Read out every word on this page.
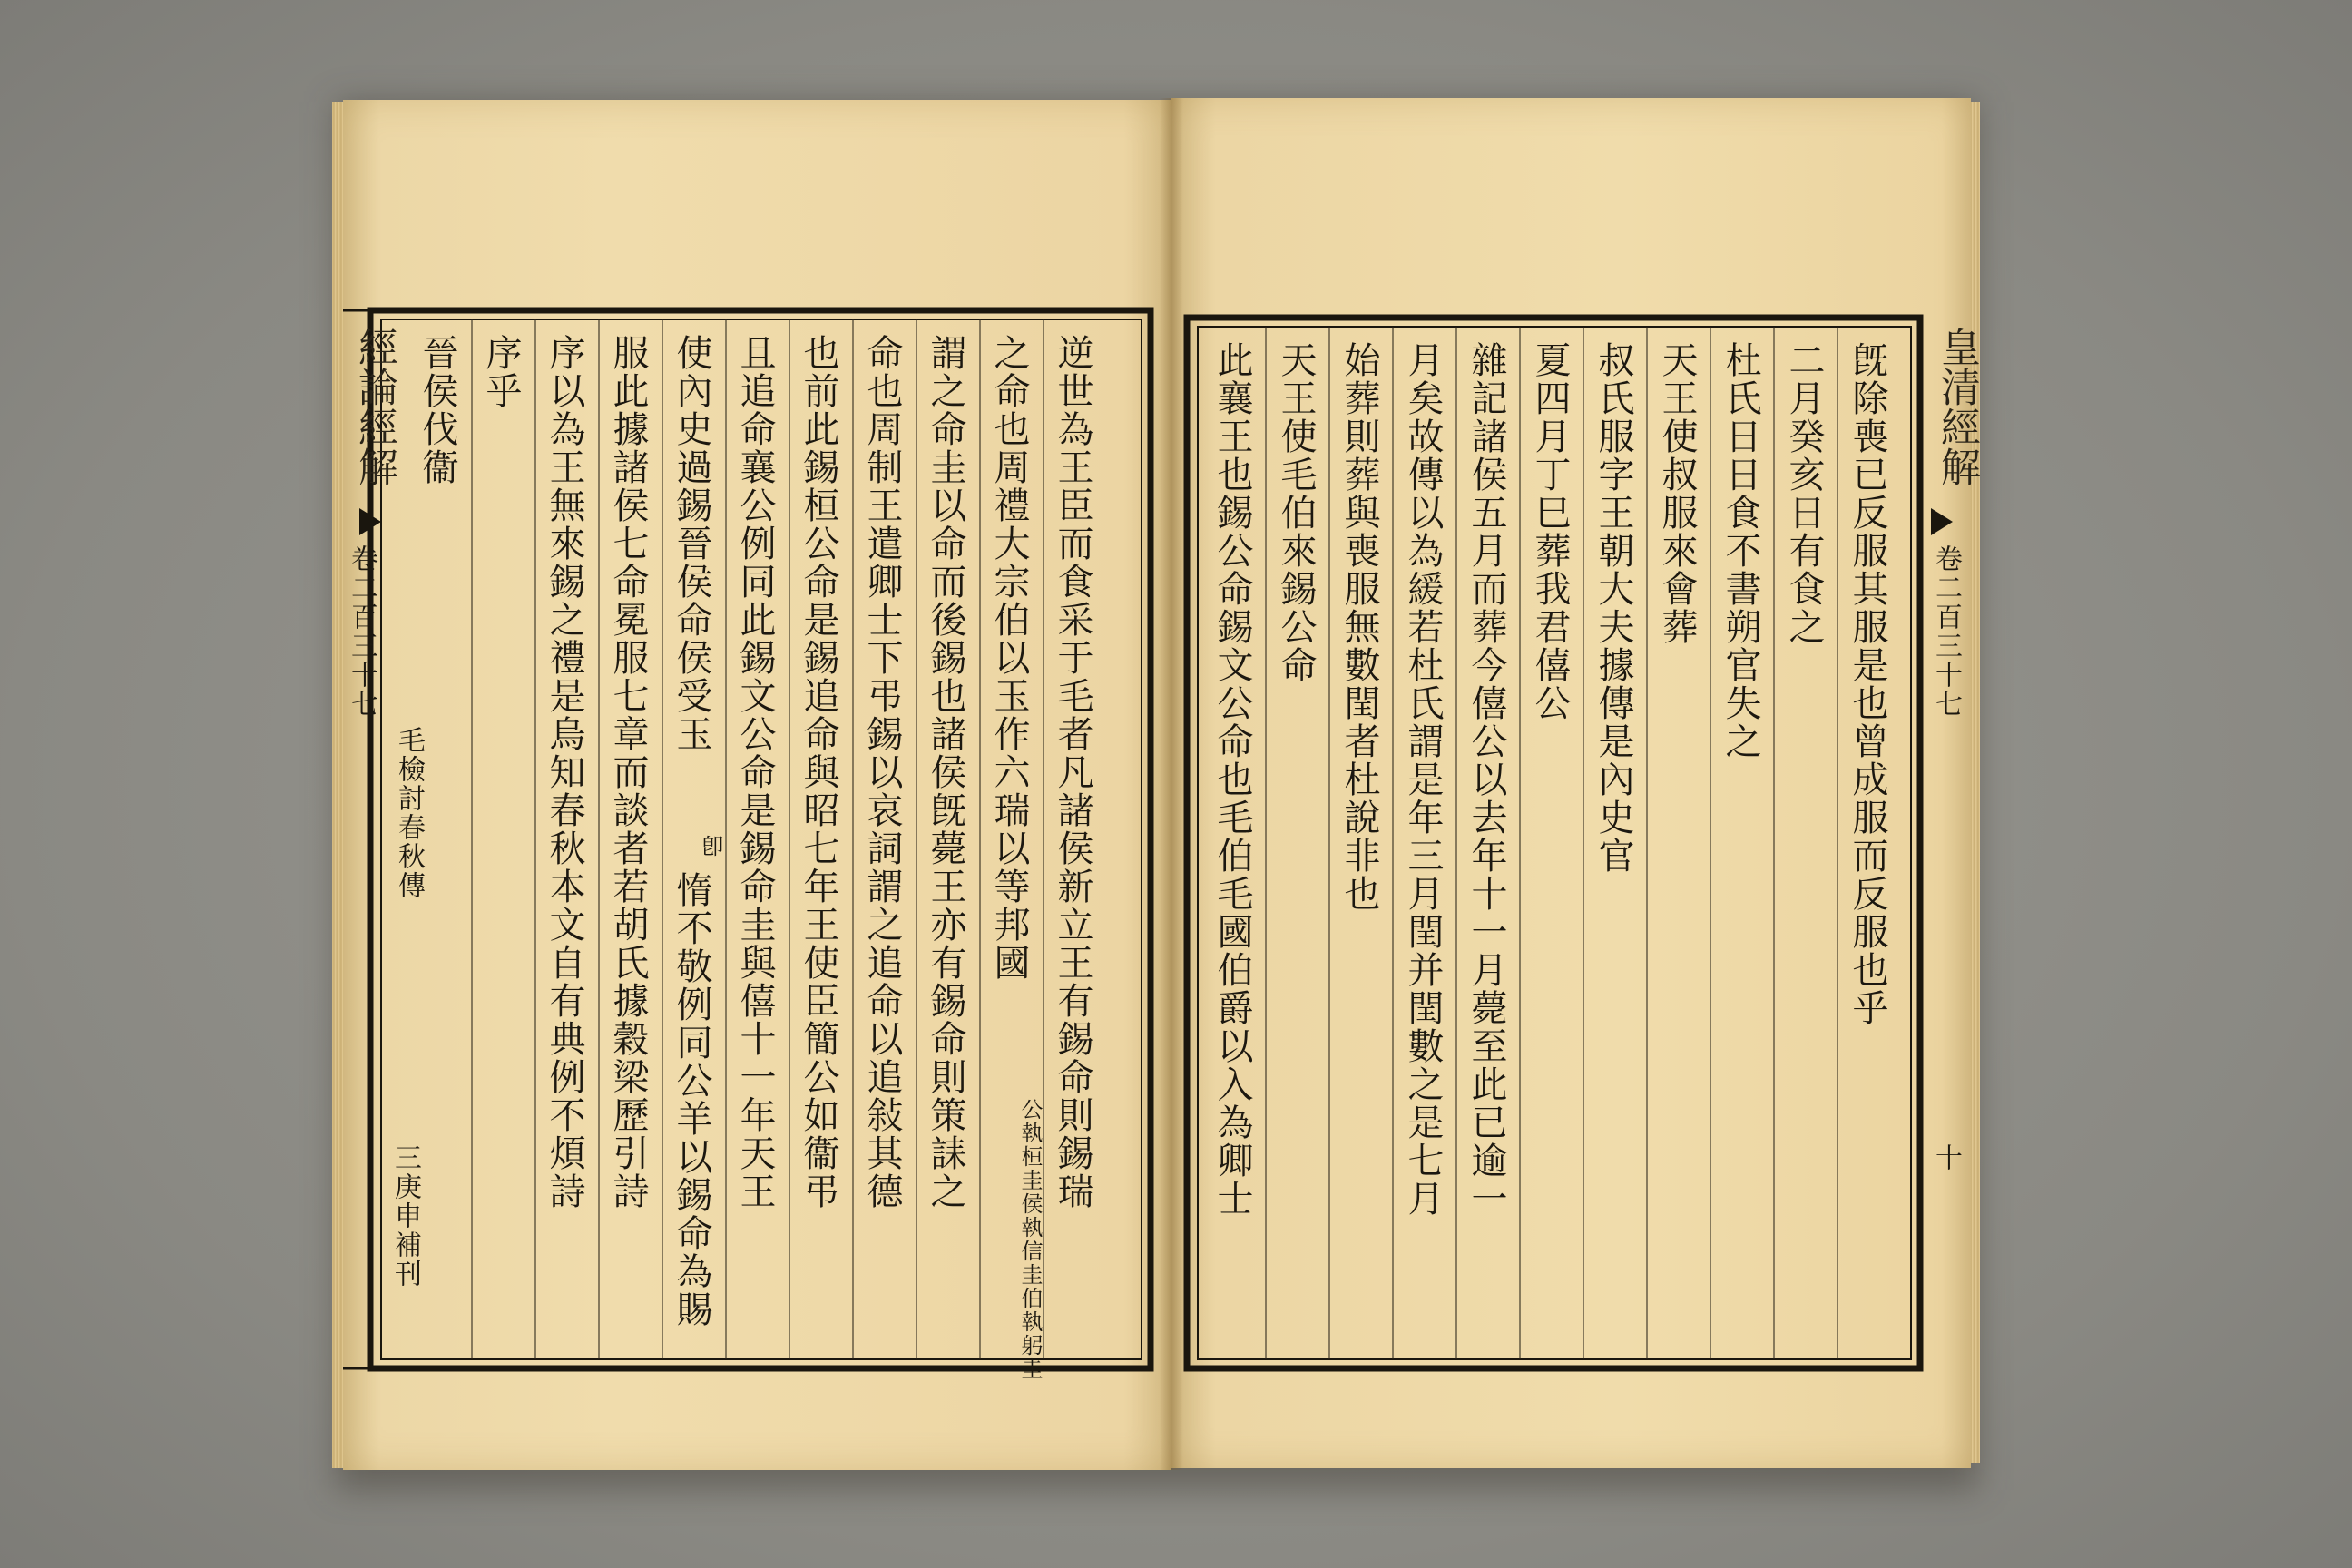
經論經解
卷二百三十七
毛檢討春秋傳
三庚申補刊
逆世為王臣而食采于毛者凡諸侯新立王有錫命則錫瑞
之命也周禮大宗伯以玉作六瑞以等邦國
公執桓圭侯執信圭伯執躬圭
謂之命圭以命而後錫也諸侯旣薨王亦有錫命則策誄之
命也周制王遣卿士下弔錫以哀詞謂之追命以追敍其德
也前此錫桓公命是錫追命與昭七年王使臣簡公如衞弔
且追命襄公例同此錫文公命是錫命圭與僖十一年天王
使內史過錫晉侯命侯受玉
卽
惰不敬例同公羊以錫命為賜
服此據諸侯七命冕服七章而談者若胡氏據穀梁歷引詩
序以為王無來錫之禮是烏知春秋本文自有典例不煩詩
序乎
晉侯伐衞	皇清經解
卷二百三十七
十
旣除喪已反服其服是也曾成服而反服也乎
二月癸亥日有食之
杜氏日日食不書朔官失之
天王使叔服來會葬
叔氏服字王朝大夫據傳是內史官
夏四月丁巳葬我君僖公
雜記諸侯五月而葬今僖公以去年十一月薨至此已逾一
月矣故傳以為緩若杜氏謂是年三月閏并閏數之是七月
始葬則葬與喪服無數閏者杜說非也
天王使毛伯來錫公命
此襄王也錫公命錫文公命也毛伯毛國伯爵以入為卿士
